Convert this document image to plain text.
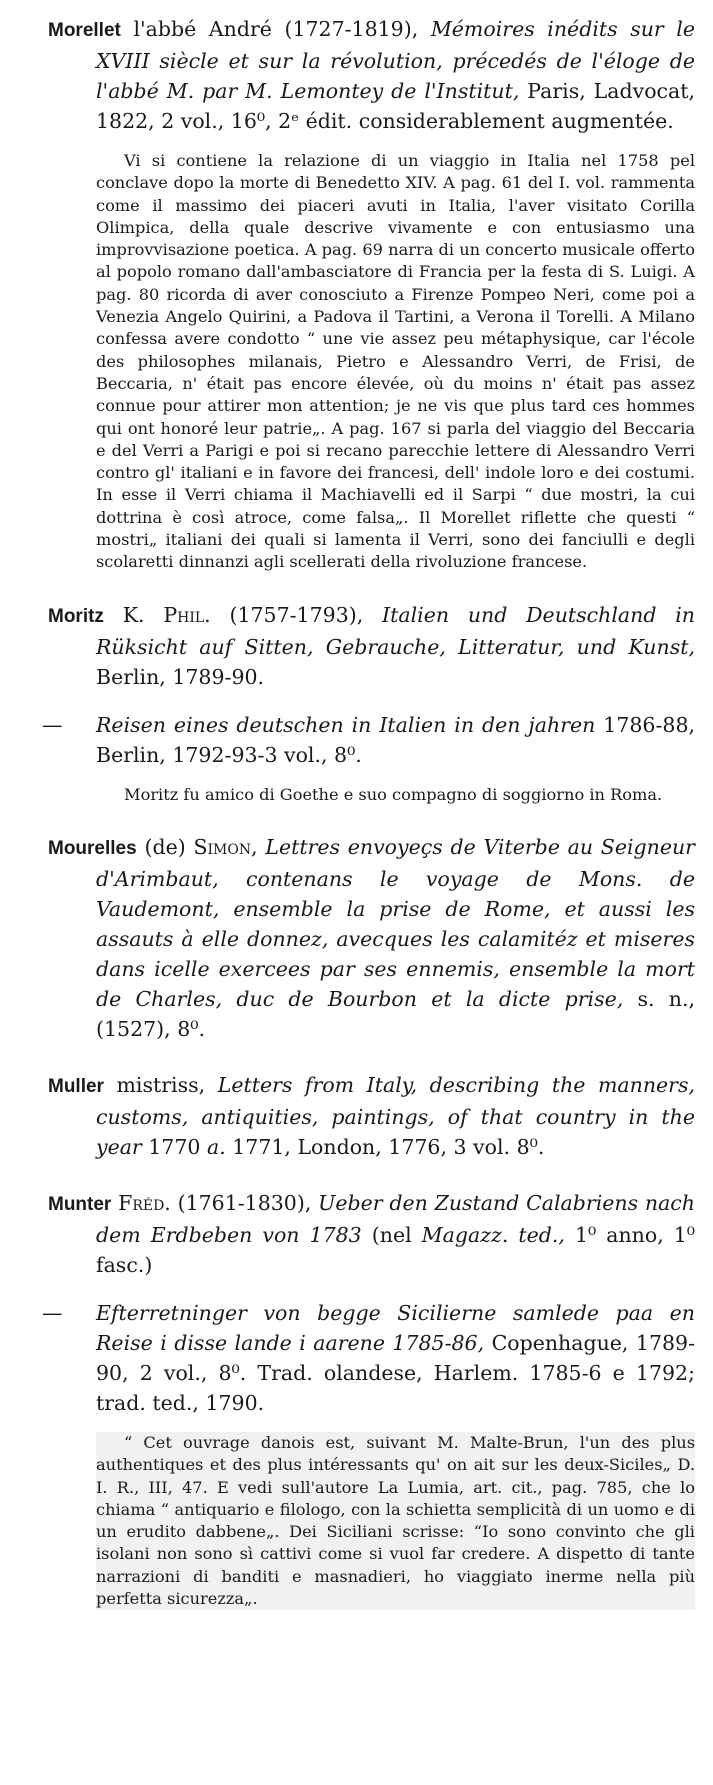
Morellet l'abbé André (1727-1819), Mémoires inédits sur le XVIII siècle et sur la révolution, précedés de l'éloge de l'abbé M. par M. Lemontey de l'Institut, Paris, Ladvocat, 1822, 2 vol., 16⁰, 2ᵉ édit. considerablement augmentée.

Vi si contiene la relazione di un viaggio in Italia nel 1758 pel conclave dopo la morte di Benedetto XIV. A pag. 61 del I. vol. rammenta come il massimo dei piaceri avuti in Italia, l'aver visitato Corilla Olimpica, della quale descrive vivamente e con entusiasmo una improvvisazione poetica. A pag. 69 narra di un concerto musicale offerto al popolo romano dall'ambasciatore di Francia per la festa di S. Luigi. A pag. 80 ricorda di aver conosciuto a Firenze Pompeo Neri, come poi a Venezia Angelo Quirini, a Padova il Tartini, a Verona il Torelli. A Milano confessa avere condotto “ une vie assez peu métaphysique, car l'école des philosophes milanais, Pietro e Alessandro Verri, de Frisi, de Beccaria, n' était pas encore élevée, où du moins n' était pas assez connue pour attirer mon attention; je ne vis que plus tard ces hommes qui ont honoré leur patrie„. A pag. 167 si parla del viaggio del Beccaria e del Verri a Parigi e poi si recano parecchie lettere di Alessandro Verri contro gl' italiani e in favore dei francesi, dell' indole loro e dei costumi. In esse il Verri chiama il Machiavelli ed il Sarpi “ due mostri, la cui dottrina è così atroce, come falsa„. Il Morellet riflette che questi “ mostri„ italiani dei quali si lamenta il Verri, sono dei fanciulli e degli scolaretti dinnanzi agli scellerati della rivoluzione francese.

Moritz K. Phil. (1757-1793), Italien und Deutschland in Rüksicht auf Sitten, Gebrauche, Litteratur, und Kunst, Berlin, 1789-90.

—	Reisen eines deutschen in Italien in den jahren 1786-88, Berlin, 1792-93-3 vol., 8⁰.

Moritz fu amico di Goethe e suo compagno di soggiorno in Roma.

Mourelles (de) Simon, Lettres envoyeçs de Viterbe au Seigneur d'Arimbaut, contenans le voyage de Mons. de Vaudemont, ensemble la prise de Rome, et aussi les assauts à elle donnez, avecques les calamitéz et miseres dans icelle exercees par ses ennemis, ensemble la mort de Charles, duc de Bourbon et la dicte prise, s. n., (1527), 8⁰.

Muller mistriss, Letters from Italy, describing the manners, customs, antiquities, paintings, of that country in the year 1770 a. 1771, London, 1776, 3 vol. 8⁰.

Munter Fréd. (1761-1830), Ueber den Zustand Calabriens nach dem Erdbeben von 1783 (nel Magazz. ted., 1⁰ anno, 1⁰ fasc.)

—	Efterretninger von begge Sicilierne samlede paa en Reise i disse lande i aarene 1785-86, Copenhague, 1789-90, 2 vol., 8⁰. Trad. olandese, Harlem. 1785-6 e 1792; trad. ted., 1790.

“ Cet ouvrage danois est, suivant M. Malte-Brun, l'un des plus authentiques et des plus intéressants qu' on ait sur les deux-Siciles„ D. I. R., III, 47. E vedi sull'autore La Lumia, art. cit., pag. 785, che lo chiama “ antiquario e filologo, con la schietta semplicità di un uomo e di un erudito dabbene„. Dei Siciliani scrisse: “Io sono convinto che gli isolani non sono sì cattivi come si vuol far credere. A dispetto di tante narrazioni di banditi e masnadieri, ho viaggiato inerme nella più perfetta sicurezza„.
